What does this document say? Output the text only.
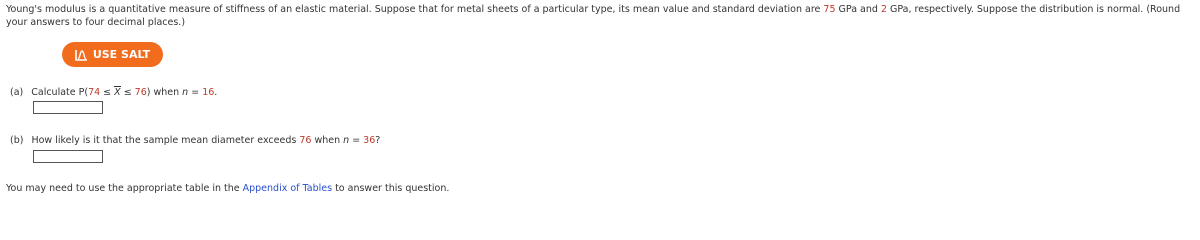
Young's modulus is a quantitative measure of stiffness of an elastic material. Suppose that for metal sheets of a particular type, its mean value and standard deviation are 75 GPa and 2 GPa, respectively. Suppose the distribution is normal. (Round your answers to four decimal places.)
USE SALT
(a) Calculate P(74 ≤ X ≤ 76) when n = 16.
(b) How likely is it that the sample mean diameter exceeds 76 when n = 36?
You may need to use the appropriate table in the Appendix of Tables to answer this question.
